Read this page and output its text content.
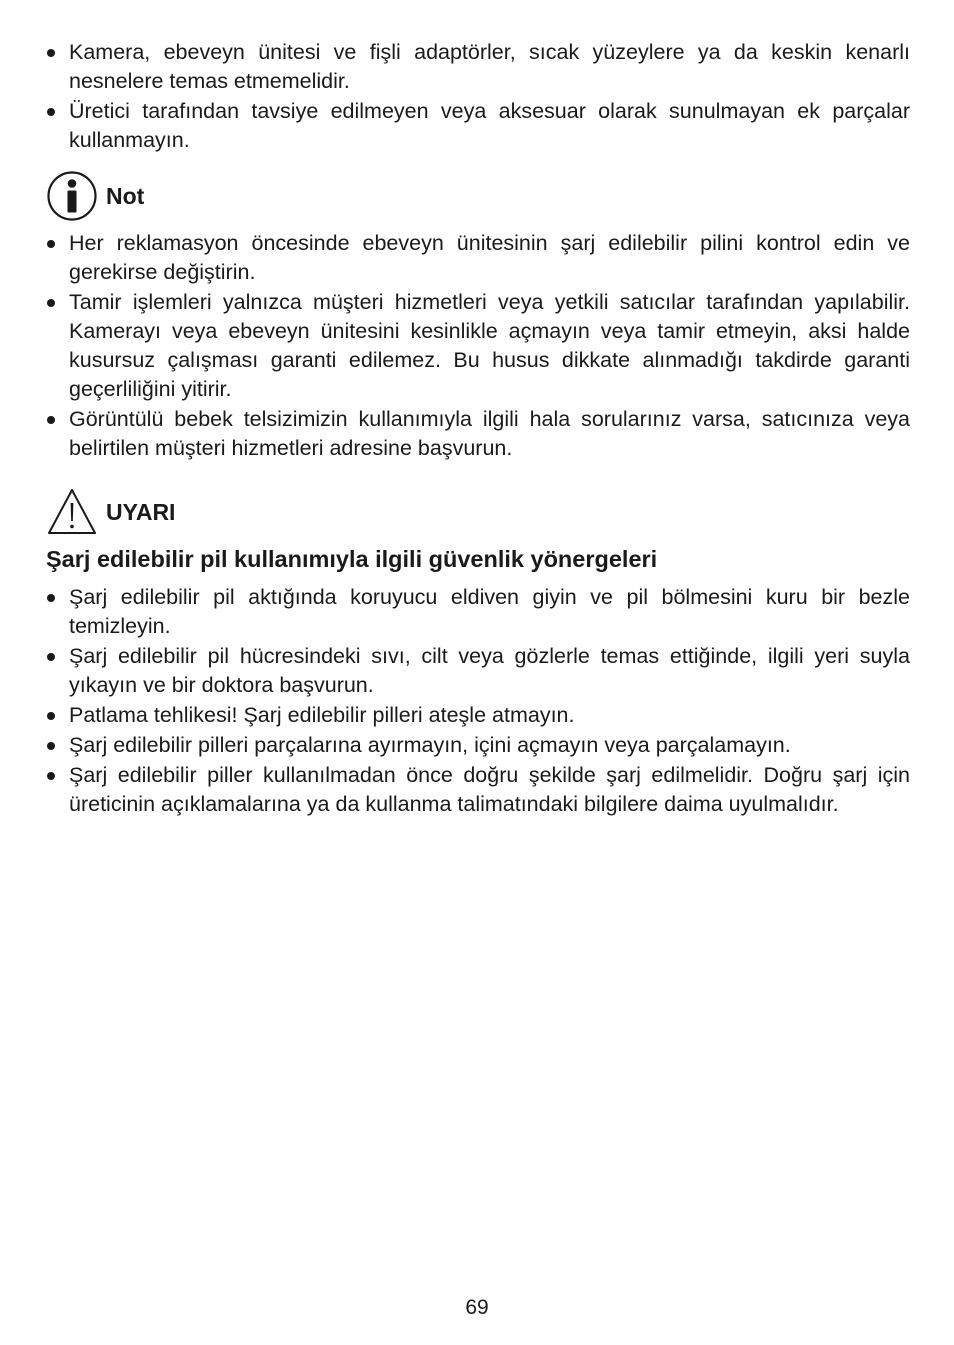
Kamera, ebeveyn ünitesi ve fişli adaptörler, sıcak yüzeylere ya da keskin kenarlı nesnelere temas etmemelidir.
Üretici tarafından tavsiye edilmeyen veya aksesuar olarak sunulmayan ek parçalar kullanmayın.
Not
Her reklamasyon öncesinde ebeveyn ünitesinin şarj edilebilir pilini kontrol edin ve gerekirse değiştirin.
Tamir işlemleri yalnızca müşteri hizmetleri veya yetkili satıcılar tarafından yapılabilir. Kamerayı veya ebeveyn ünitesini kesinlikle açmayın veya tamir etmeyin, aksi halde kusursuz çalışması garanti edilemez. Bu husus dikkate alınmadığı takdirde garanti geçerliliğini yitirir.
Görüntülü bebek telsizimizin kullanımıyla ilgili hala sorularınız varsa, satıcınıza veya belirtilen müşteri hizmetleri adresine başvurun.
UYARI
Şarj edilebilir pil kullanımıyla ilgili güvenlik yönergeleri
Şarj edilebilir pil aktığında koruyucu eldiven giyin ve pil bölmesini kuru bir bezle temizleyin.
Şarj edilebilir pil hücresindeki sıvı, cilt veya gözlerle temas ettiğinde, ilgili yeri suyla yıkayın ve bir doktora başvurun.
Patlama tehlikesi! Şarj edilebilir pilleri ateşle atmayın.
Şarj edilebilir pilleri parçalarına ayırmayın, içini açmayın veya parçalamayın.
Şarj edilebilir piller kullanılmadan önce doğru şekilde şarj edilmelidir. Doğru şarj için üreticinin açıklamalarına ya da kullanma talimatındaki bilgilere daima uyulmalıdır.
69
